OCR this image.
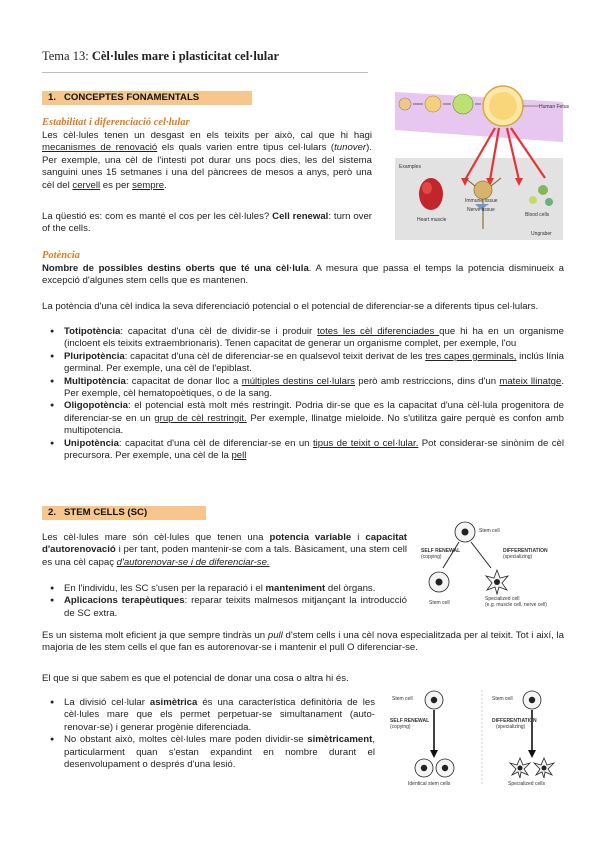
Tema 13: Cèl·lules mare i plasticitat cel·lular
1. CONCEPTES FONAMENTALS
Estabilitat i diferenciació cel·lular

Les cèl·lules tenen un desgast en els teixits per això, cal que hi hagi mecanismes de renovació els quals varien entre tipus cel·lulars (tunover). Per exemple, una cèl de l'intesti pot durar uns pocs dies, les del sistema sanguini unes 15 setmanes i una del pàncrees de mesos a anys, però una cèl del cervell es per sempre.

La qüestió es: com es manté el cos per les cèl·lules? Cell renewal: turn over of the cells.

Human Fetus
Examples
Heart muscle
Nerve tissue
Immune tissue
Blood cells
Ungraber
Potència

Nombre de possibles destins oberts que té una cèl·lula. A mesura que passa el temps la potencia disminueix a excepció d'algunes stem cells que es mantenen.

La potència d'una cèl indica la seva diferenciació potencial o el potencial de diferenciar-se a diferents tipus cel·lulars.

● Totipotència: capacitat d'una cèl de dividir-se i produir totes les cèl diferenciades que hi ha en un organisme (incloent els teixits extraembrionaris). Tenen capacitat de generar un organisme complet, per exemple, l'ou
● Pluripotència: capacitat d'una cèl de diferenciar-se en qualsevol teixit derivat de les tres capes germinals, inclús línia germinal. Per exemple, una cèl de l'epiblast.
● Multipotència: capacitat de donar lloc a múltiples destins cel·lulars però amb restriccions, dins d'un mateix llinatge. Per exemple, cèl hematopoètiques, o de la sang.
● Oligopotència: el potencial està molt més restringit. Podria dir-se que es la capacitat d'una cèl·lula progenitora de diferenciar-se en un grup de cèl restringit. Per exemple, llinatge mieloide. No s'utilitza gaire perquè es confon amb multipotencia.
● Unipotència: capacitat d'una cèl de diferenciar-se en un tipus de teixit o cel·lular. Pot considerar-se sinònim de cèl precursora. Per exemple, una cèl de la pell
2. STEM CELLS (SC)

Les cèl·lules mare són cèl·lules que tenen una potencia variable i capacitat d'autorenovació i per tant, poden mantenir-se com a tals. Bàsicament, una stem cell es una cèl capaç d'autorenovar-se i de diferenciar-se.

● En l'individu, les SC s'usen per la reparació i el manteniment del òrgans.
● Aplicacions terapèutiques: reparar teixits malmesos mitjançant la introducció de SC extra.
Stem cell
SELF RENEWAL
(copying)
DIFFERENTIATION
(specializing)
Stem cell
Specialized cell
(e.g. muscle cell, nerve cell)

Es un sistema molt eficient ja que sempre tindràs un pull d'stem cells i una cèl nova especialitzada per al teixit. Tot i així, la majoria de les stem cells el que fan es autorenovar-se i mantenir el pull O diferenciar-se.

El que si que sabem es que el potencial de donar una cosa o altra hi és.

● La divisió cel·lular asimètrica és una característica definitòria de les cèl·lules mare que els permet perpetuar-se simultanament (auto-renovar-se) i generar progènie diferenciada.
● No obstant això, moltes cèl·lules mare poden dividir-se simètricament, particularment quan s'estan expandint en nombre durant el desenvolupament o després d'una lesió.
Stem cell
SELF RENEWAL
(copying)
Identical stem cells
Stem cell
DIFFERENTIATION
(specializing)
Specialized cells
